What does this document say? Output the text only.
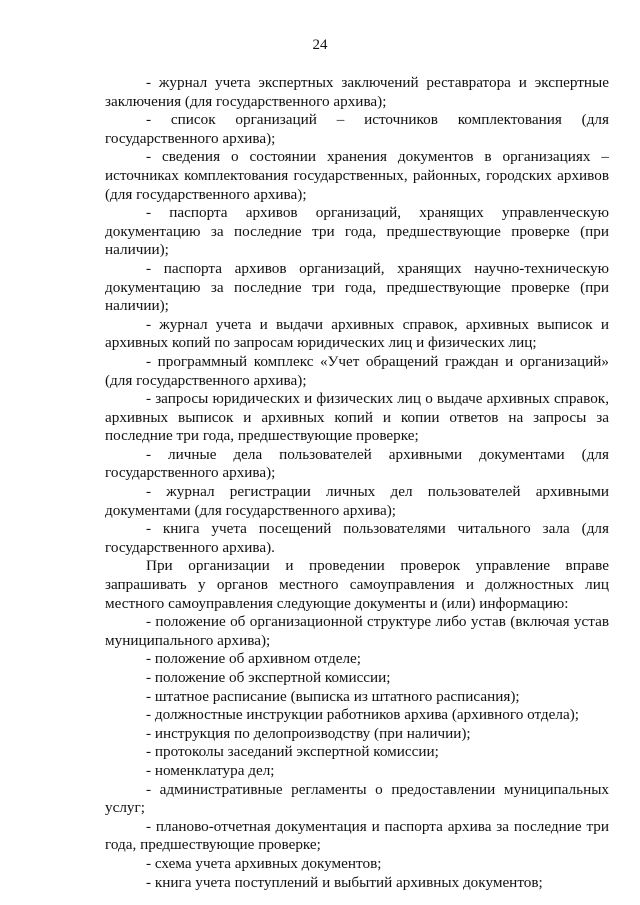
24

- журнал учета экспертных заключений реставратора и экспертные заключения (для государственного архива);

- список организаций – источников комплектования (для государственного архива);

- сведения о состоянии хранения документов в организациях – источниках комплектования государственных, районных, городских архивов (для государственного архива);

- паспорта архивов организаций, хранящих управленческую документацию за последние три года, предшествующие проверке (при наличии);

- паспорта архивов организаций, хранящих научно-техническую документацию за последние три года, предшествующие проверке (при наличии);

- журнал учета и выдачи архивных справок, архивных выписок и архивных копий по запросам юридических лиц и физических лиц;

- программный комплекс «Учет обращений граждан и организаций» (для государственного архива);

- запросы юридических и физических лиц о выдаче архивных справок, архивных выписок и архивных копий и копии ответов на запросы за последние три года, предшествующие проверке;

- личные дела пользователей архивными документами (для государственного архива);

- журнал регистрации личных дел пользователей архивными документами (для государственного архива);

- книга учета посещений пользователями читального зала (для государственного архива).

При организации и проведении проверок управление вправе запрашивать у органов местного самоуправления и должностных лиц местного самоуправления следующие документы и (или) информацию:

- положение об организационной структуре либо устав (включая устав муниципального архива);

- положение об архивном отделе;

- положение об экспертной комиссии;

- штатное расписание (выписка из штатного расписания);

- должностные инструкции работников архива (архивного отдела);

- инструкция по делопроизводству (при наличии);

- протоколы заседаний экспертной комиссии;

- номенклатура дел;

- административные регламенты о предоставлении муниципальных услуг;

- планово-отчетная документация и паспорта архива за последние три года, предшествующие проверке;

- схема учета архивных документов;

- книга учета поступлений и выбытий архивных документов;
